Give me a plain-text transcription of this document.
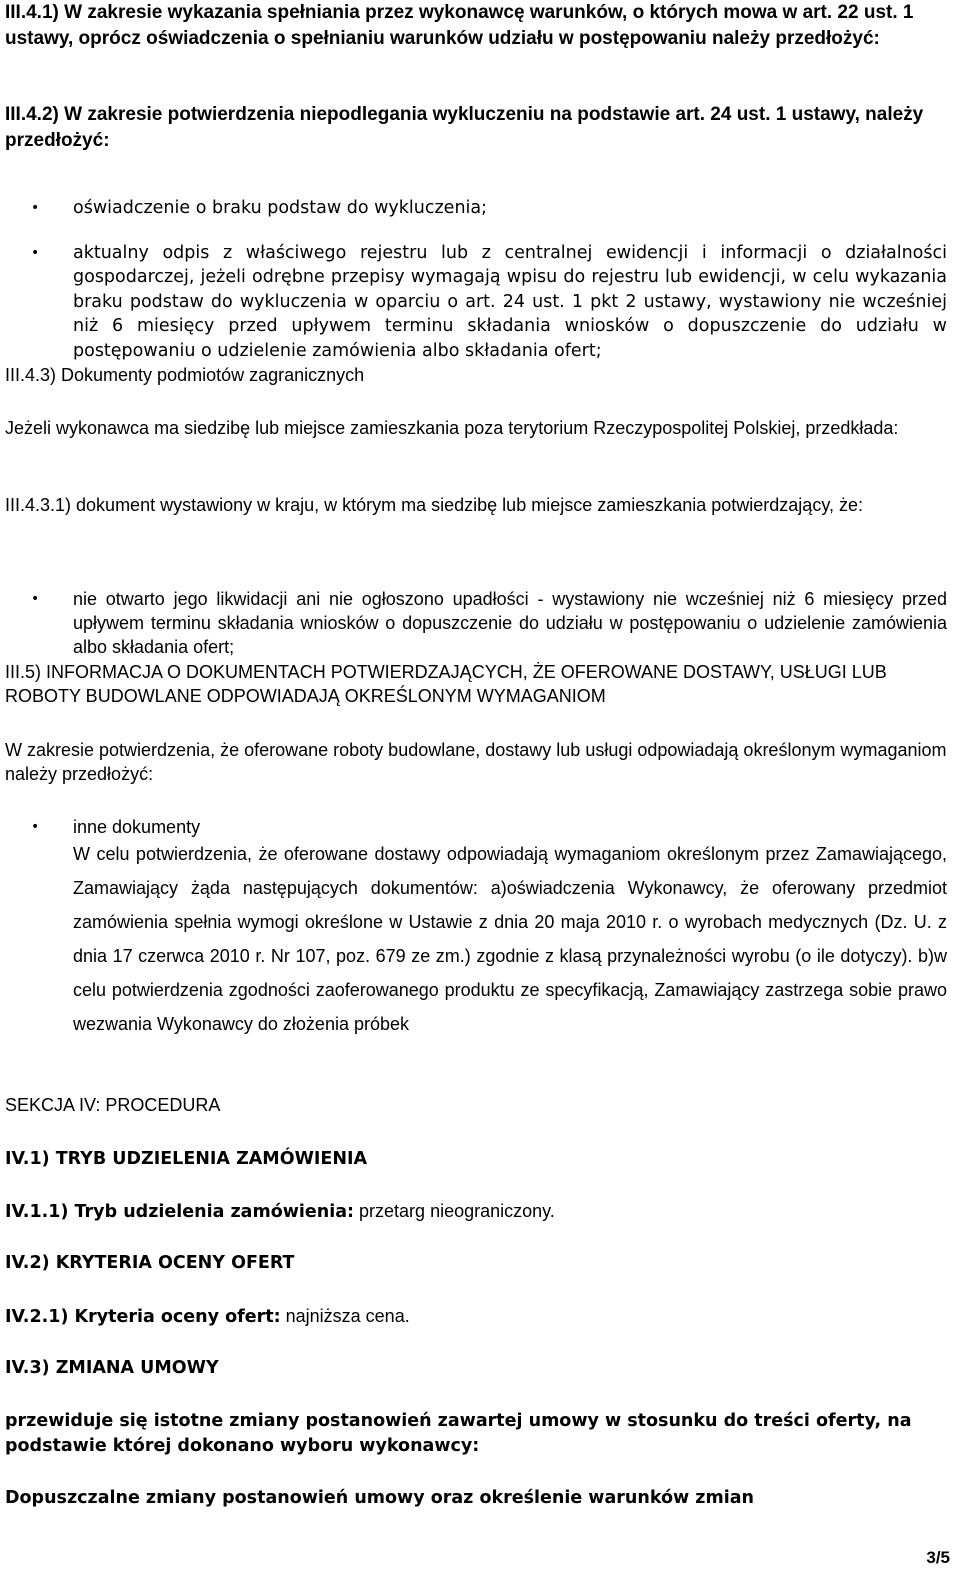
III.4.1) W zakresie wykazania spełniania przez wykonawcę warunków, o których mowa w art. 22 ust. 1 ustawy, oprócz oświadczenia o spełnianiu warunków udziału w postępowaniu należy przedłożyć:

III.4.2) W zakresie potwierdzenia niepodlegania wykluczeniu na podstawie art. 24 ust. 1 ustawy, należy przedłożyć:

• oświadczenie o braku podstaw do wykluczenia;

• aktualny odpis z właściwego rejestru lub z centralnej ewidencji i informacji o działalności gospodarczej, jeżeli odrębne przepisy wymagają wpisu do rejestru lub ewidencji, w celu wykazania braku podstaw do wykluczenia w oparciu o art. 24 ust. 1 pkt 2 ustawy, wystawiony nie wcześniej niż 6 miesięcy przed upływem terminu składania wniosków o dopuszczenie do udziału w postępowaniu o udzielenie zamówienia albo składania ofert;

III.4.3) Dokumenty podmiotów zagranicznych

Jeżeli wykonawca ma siedzibę lub miejsce zamieszkania poza terytorium Rzeczypospolitej Polskiej, przedkłada:

III.4.3.1) dokument wystawiony w kraju, w którym ma siedzibę lub miejsce zamieszkania potwierdzający, że:

• nie otwarto jego likwidacji ani nie ogłoszono upadłości - wystawiony nie wcześniej niż 6 miesięcy przed upływem terminu składania wniosków o dopuszczenie do udziału w postępowaniu o udzielenie zamówienia albo składania ofert;

III.5) INFORMACJA O DOKUMENTACH POTWIERDZAJĄCYCH, ŻE OFEROWANE DOSTAWY, USŁUGI LUB ROBOTY BUDOWLANE ODPOWIADAJĄ OKREŚLONYM WYMAGANIOM

W zakresie potwierdzenia, że oferowane roboty budowlane, dostawy lub usługi odpowiadają określonym wymaganiom należy przedłożyć:

• inne dokumenty
W celu potwierdzenia, że oferowane dostawy odpowiadają wymaganiom określonym przez Zamawiającego, Zamawiający żąda następujących dokumentów: a)oświadczenia Wykonawcy, że oferowany przedmiot zamówienia spełnia wymogi określone w Ustawie z dnia 20 maja 2010 r. o wyrobach medycznych (Dz. U. z dnia 17 czerwca 2010 r. Nr 107, poz. 679 ze zm.) zgodnie z klasą przynależności wyrobu (o ile dotyczy). b)w celu potwierdzenia zgodności zaoferowanego produktu ze specyfikacją, Zamawiający zastrzega sobie prawo wezwania Wykonawcy do złożenia próbek

SEKCJA IV: PROCEDURA

IV.1) TRYB UDZIELENIA ZAMÓWIENIA

IV.1.1) Tryb udzielenia zamówienia: przetarg nieograniczony.

IV.2) KRYTERIA OCENY OFERT

IV.2.1) Kryteria oceny ofert: najniższa cena.

IV.3) ZMIANA UMOWY

przewiduje się istotne zmiany postanowień zawartej umowy w stosunku do treści oferty, na podstawie której dokonano wyboru wykonawcy:

Dopuszczalne zmiany postanowień umowy oraz określenie warunków zmian

3/5
